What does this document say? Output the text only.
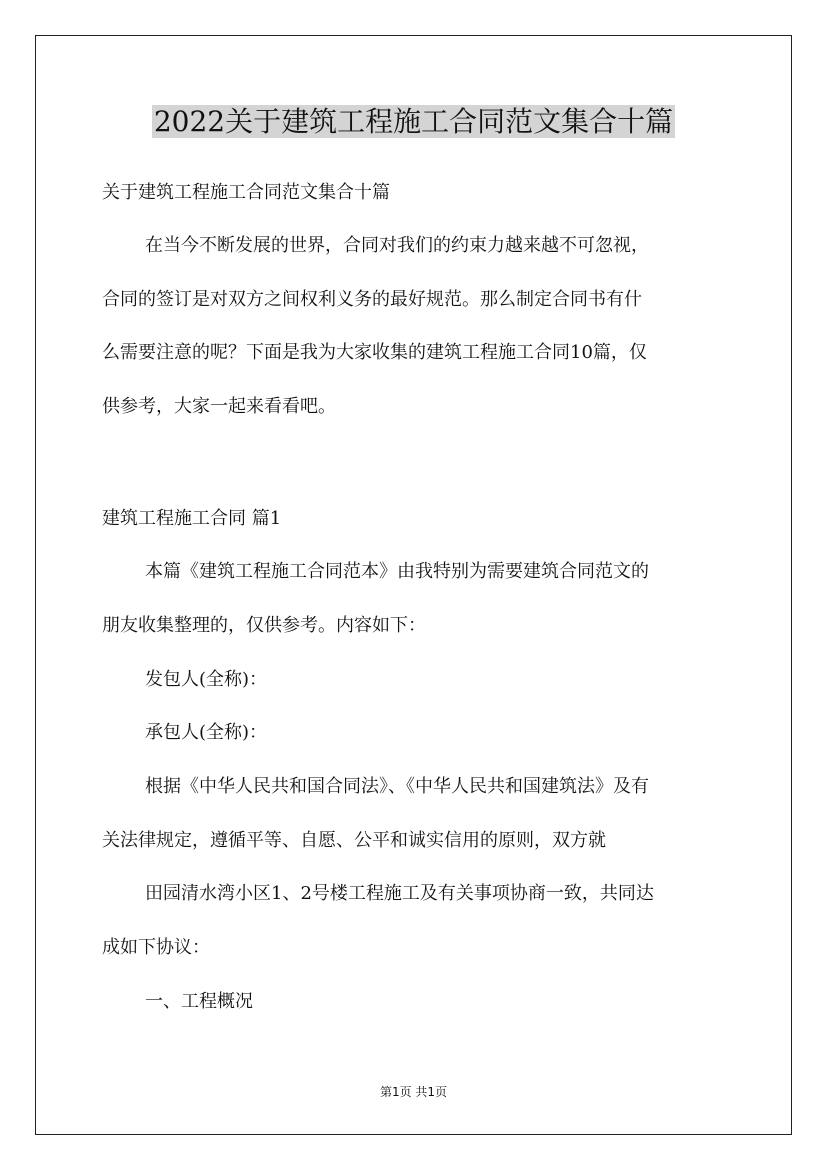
2022关于建筑工程施工合同范文集合十篇
关于建筑工程施工合同范文集合十篇
在当今不断发展的世界，合同对我们的约束力越来越不可忽视，
合同的签订是对双方之间权利义务的最好规范。那么制定合同书有什
么需要注意的呢？下面是我为大家收集的建筑工程施工合同10篇，仅
供参考，大家一起来看看吧。
建筑工程施工合同 篇1
本篇《建筑工程施工合同范本》由我特别为需要建筑合同范文的
朋友收集整理的，仅供参考。内容如下：
发包人(全称)：
承包人(全称)：
根据《中华人民共和国合同法》、《中华人民共和国建筑法》及有
关法律规定，遵循平等、自愿、公平和诚实信用的原则，双方就
田园清水湾小区1、2号楼工程施工及有关事项协商一致，共同达
成如下协议：
一、工程概况
第1页 共1页
